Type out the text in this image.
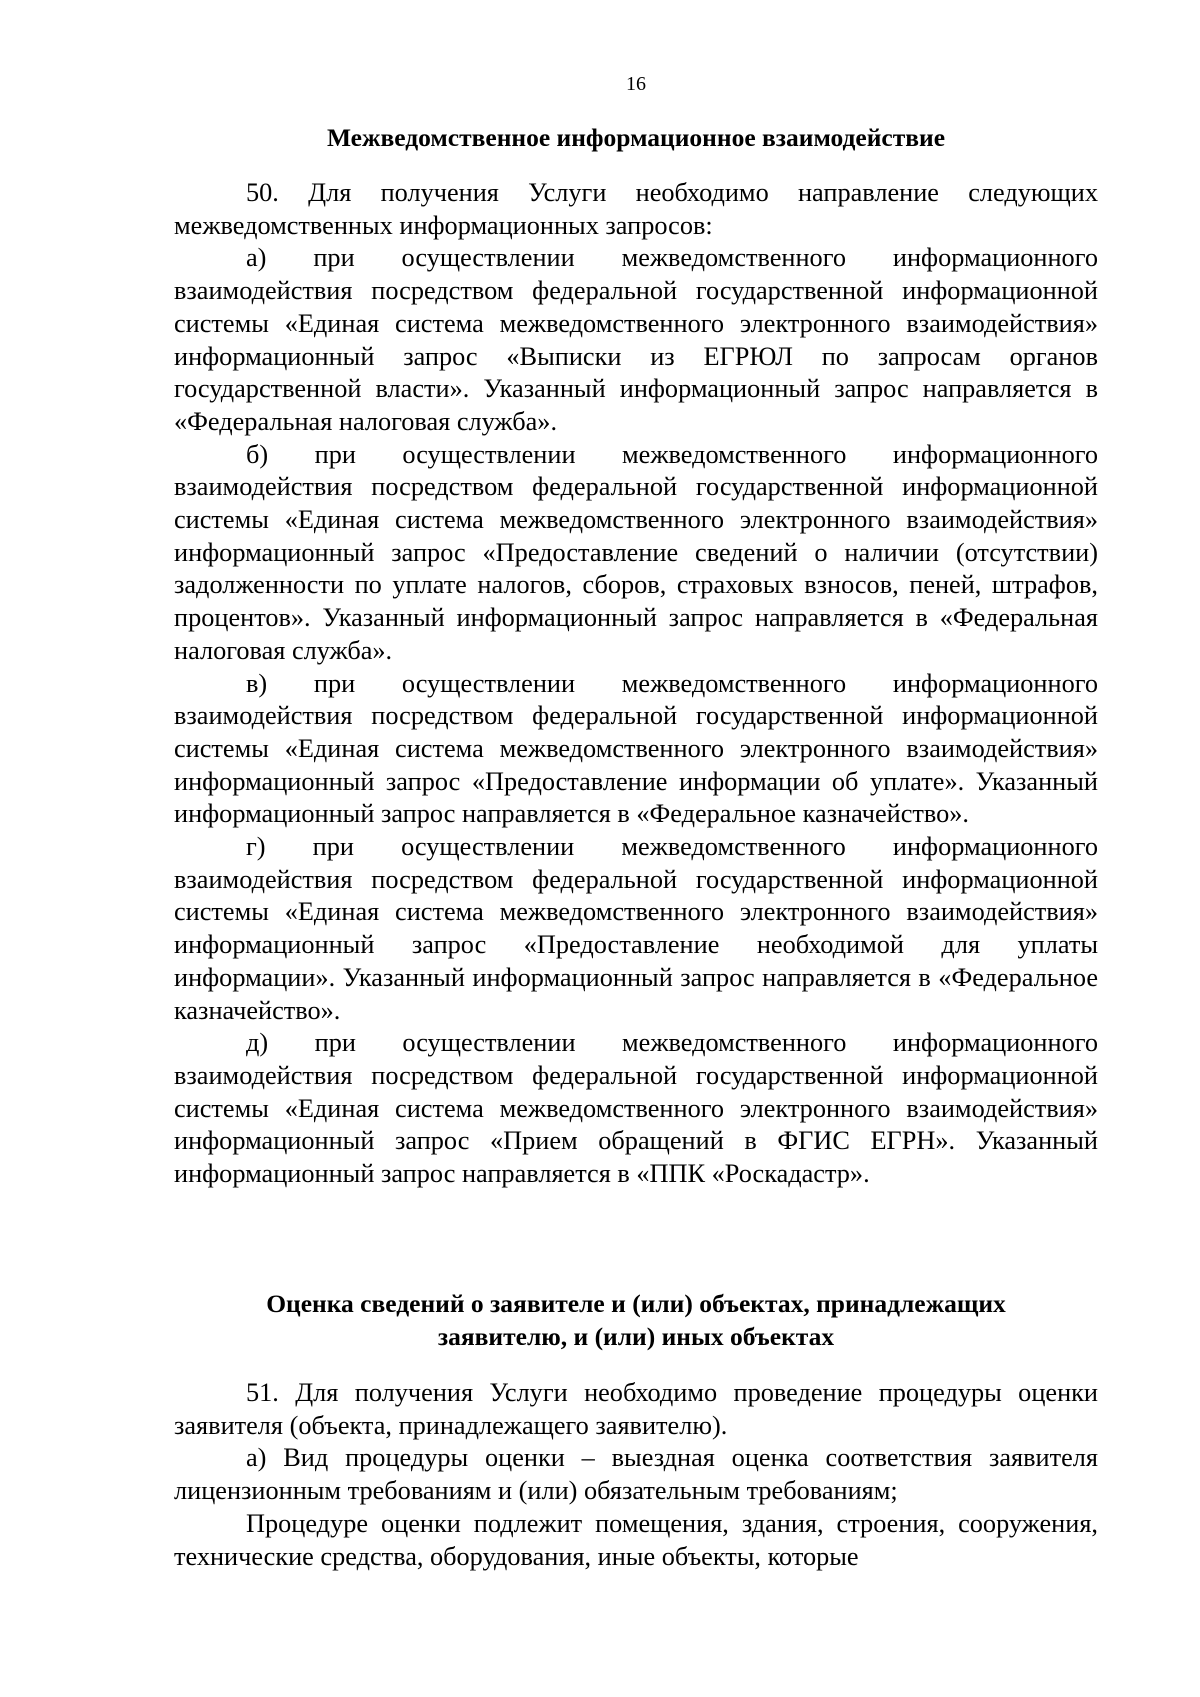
16
Межведомственное информационное взаимодействие

50. Для получения Услуги необходимо направление следующих межведомственных информационных запросов:

а) при осуществлении межведомственного информационного взаимодействия посредством федеральной государственной информационной системы «Единая система межведомственного электронного взаимодействия» информационный запрос «Выписки из ЕГРЮЛ по запросам органов государственной власти». Указанный информационный запрос направляется в «Федеральная налоговая служба».

б) при осуществлении межведомственного информационного взаимодействия посредством федеральной государственной информационной системы «Единая система межведомственного электронного взаимодействия» информационный запрос «Предоставление сведений о наличии (отсутствии) задолженности по уплате налогов, сборов, страховых взносов, пеней, штрафов, процентов». Указанный информационный запрос направляется в «Федеральная налоговая служба».

в) при осуществлении межведомственного информационного взаимодействия посредством федеральной государственной информационной системы «Единая система межведомственного электронного взаимодействия» информационный запрос «Предоставление информации об уплате». Указанный информационный запрос направляется в «Федеральное казначейство».

г) при осуществлении межведомственного информационного взаимодействия посредством федеральной государственной информационной системы «Единая система межведомственного электронного взаимодействия» информационный запрос «Предоставление необходимой для уплаты информации». Указанный информационный запрос направляется в «Федеральное казначейство».

д) при осуществлении межведомственного информационного взаимодействия посредством федеральной государственной информационной системы «Единая система межведомственного электронного взаимодействия» информационный запрос «Прием обращений в ФГИС ЕГРН». Указанный информационный запрос направляется в «ППК «Роскадастр».

Оценка сведений о заявителе и (или) объектах, принадлежащих
заявителю, и (или) иных объектах

51. Для получения Услуги необходимо проведение процедуры оценки заявителя (объекта, принадлежащего заявителю).

а) Вид процедуры оценки – выездная оценка соответствия заявителя лицензионным требованиям и (или) обязательным требованиям;

Процедуре оценки подлежит помещения, здания, строения, сооружения, технические средства, оборудования, иные объекты, которые
